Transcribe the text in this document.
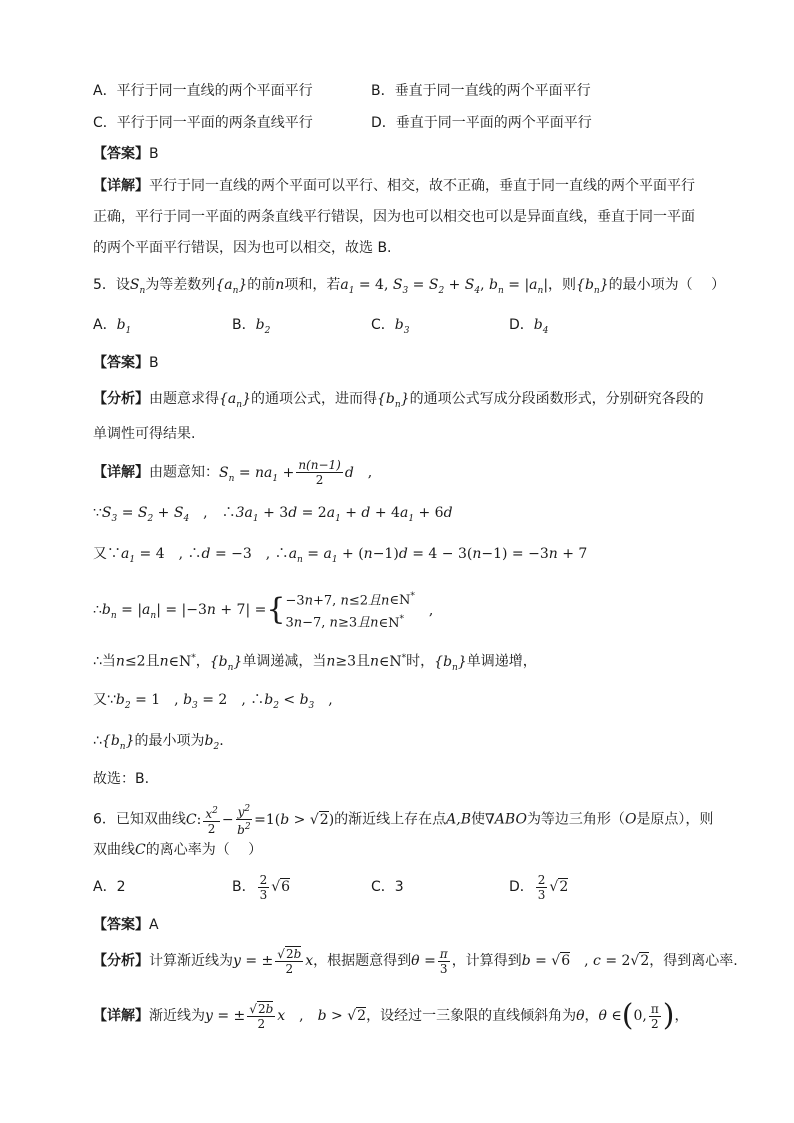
A．平行于同一直线的两个平面平行	B．垂直于同一直线的两个平面平行
C．平行于同一平面的两条直线平行	D．垂直于同一平面的两个平面平行
【答案】B
【详解】平行于同一直线的两个平面可以平行、相交，故不正确，垂直于同一直线的两个平面平行
正确，平行于同一平面的两条直线平行错误，因为也可以相交也可以是异面直线，垂直于同一平面
的两个平面平行错误，因为也可以相交，故选 B.
5．设$S_n$为等差数列$\{a_n\}$的前n项和，若$a_1 = 4$, $S_3 = S_2 + S_4$, $b_n = |a_n|$，则$\{b_n\}$的最小项为（　 ）
A．$b_1$	B．$b_2$	C．$b_3$	D．$b_4$
【答案】B
【分析】由题意求得$\{a_n\}$的通项公式，进而得$\{b_n\}$的通项公式写成分段函数形式，分别研究各段的
单调性可得结果.
【详解】由题意知：$S_n = na_1 + \frac{n(n-1)}{2}$ d　,
$\because S_3 = S_2 + S_4$　,　$\therefore 3a_1 + 3d = 2a_1 + d + 4a_1 + 6d$
又$\because a_1 = 4$　, ∴d = −3　, $\therefore a_n = a_1 + (n-1)d = 4 - 3(n-1) = -3n + 7$
$\therefore b_n = |a_n| = |-3n + 7|$ ={ −3n+7, n≤2且n∈N*
3n−7, n≥3且n∈N*
　,
∴当n≤2且n∈N*，$\{b_n\}$单调递减，当n≥3且n∈N*时，$\{b_n\}$单调递增，
又$\because b_2 = 1$　, $b_3 = 2$　, $\therefore b_2 < b_3$　,
$\therefore\{b_n\}$的最小项为$b_2$.
故选：B.
6．已知双曲线C: $\frac{x^2}{2} - \frac{y^2}{b^2} =1(b > √2)$的渐近线上存在点A,B使∇ABO为等边三角形（O是原点），则
双曲线C的离心率为（　 ）
A．2	B． $\frac{2}{3} √6$	C．3	D． $\frac{2}{3} √2$
【答案】A
【分析】计算渐近线为y = ± $\frac{√2b}{2}$ x，根据题意得到$\theta = \frac{\pi}{3}$ ，计算得到b = √6　, c = 2√2，得到离心率.
【详解】渐近线为y = ± $\frac{√2b}{2}$ x　,　b > √2，设经过一三象限的直线倾斜角为θ，θ ∈(0, $\frac{\pi}{2}$ )，
